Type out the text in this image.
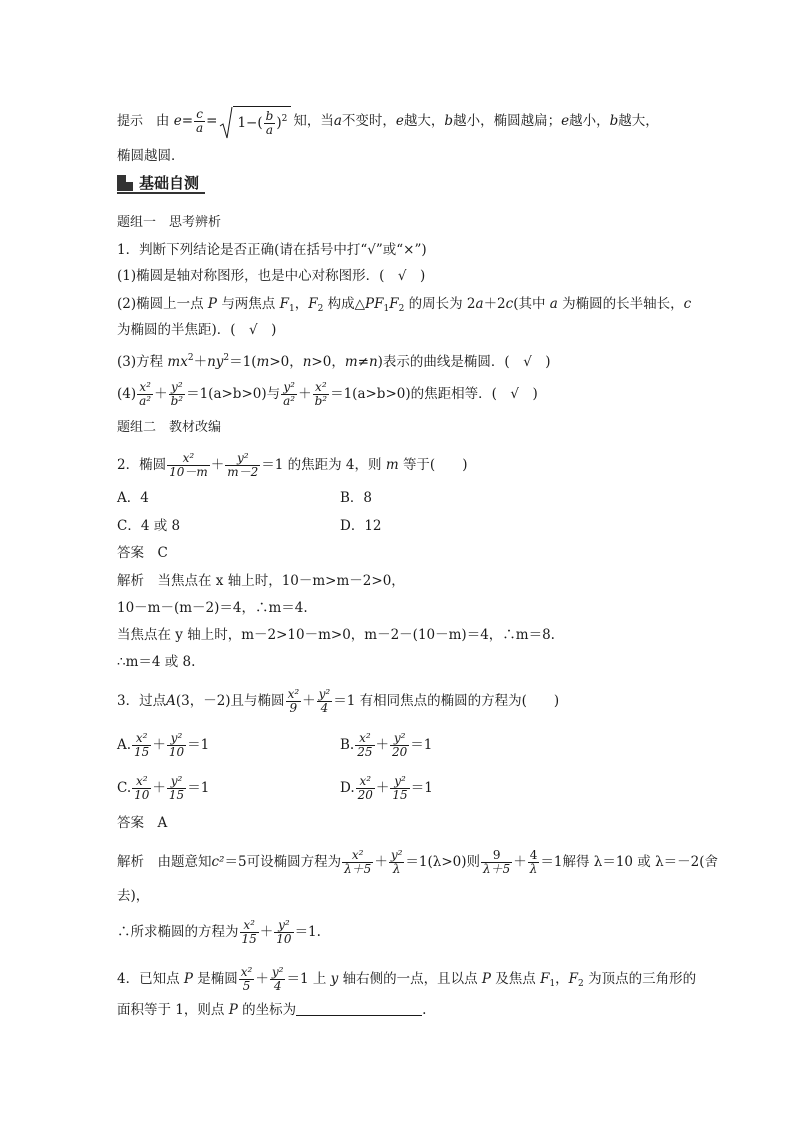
提示 由 $e= \frac{c}{a} = 1-( \frac{b}{a} )^2$ 知，当a不变时，e越大，b越小，椭圆越扁；e越小，b越大，
椭圆越圆．
基础自测
题组一　思考辨析
1．判断下列结论是否正确(请在括号中打“√”或“×”)
(1)椭圆是轴对称图形，也是中心对称图形．(　√　)
(2)椭圆上一点 P 与两焦点 $F_1$，$F_2$ 构成$\triangle PF_1F_2$ 的周长为 2a＋2c(其中 a 为椭圆的长半轴长，c
为椭圆的半焦距)．(　√　)
(3)方程 $mx^2+ny^2=1(m>0$，n>0，m≠n)表示的曲线是椭圆．(　√　)
$(4) \frac{\text{x²}}{\text{a²}} + \frac{\text{y²}}{\text{b²}} =1(a>b>0)$与 $\frac{\text{y²}}{\text{a²}} + \frac{\text{x²}}{\text{b²}} =1(a>b>0)$的焦距相等．(　√　)
题组二　教材改编
2．椭圆 $\frac{\text{x²}}{10-m} + \frac{\text{y²}}{m-2} =1$ 的焦距为 4，则 m 等于(　　)
A．4	B．8
C．4 或 8	D．12
答案　C
解析　当焦点在 x 轴上时，10－m>m－2>0，
10－m－(m－2)＝4，∴m＝4.
当焦点在 y 轴上时，m－2>10－m>0，m－2－(10－m)＝4，∴m＝8.
∴m＝4 或 8.
3．过点A(3，－2)且与椭圆 $\frac{\text{x²}}{9} + \frac{\text{y²}}{4} =1$ 有相同焦点的椭圆的方程为(　　)
A. $\frac{\text{x²}}{15} + \frac{\text{y²}}{10} =1$	B. $\frac{\text{x²}}{25} + \frac{\text{y²}}{20} =1$
C. $\frac{\text{x²}}{10} + \frac{\text{y²}}{15} =1$	D. $\frac{\text{x²}}{20} + \frac{\text{y²}}{15} =1$
答案　A
解析　由题意知c²＝5可设椭圆方程为 $\frac{\text{x²}}{\lambda+5} + \frac{\text{y²}}{\lambda} =1(\lambda>0)$则 $\frac{9}{\lambda+5} + \frac{4}{\lambda} =1$解得 λ＝10 或 λ＝－2(舍
去)，
∴所求椭圆的方程为 $\frac{\text{x²}}{15} + \frac{\text{y²}}{10} =1$.
4．已知点 P 是椭圆 $\frac{\text{x²}}{5} + \frac{\text{y²}}{4} =1$ 上 y 轴右侧的一点，且以点 P 及焦点 $F_1$，$F_2$ 为顶点的三角形的
面积等于 1，则点 P 的坐标为	.
